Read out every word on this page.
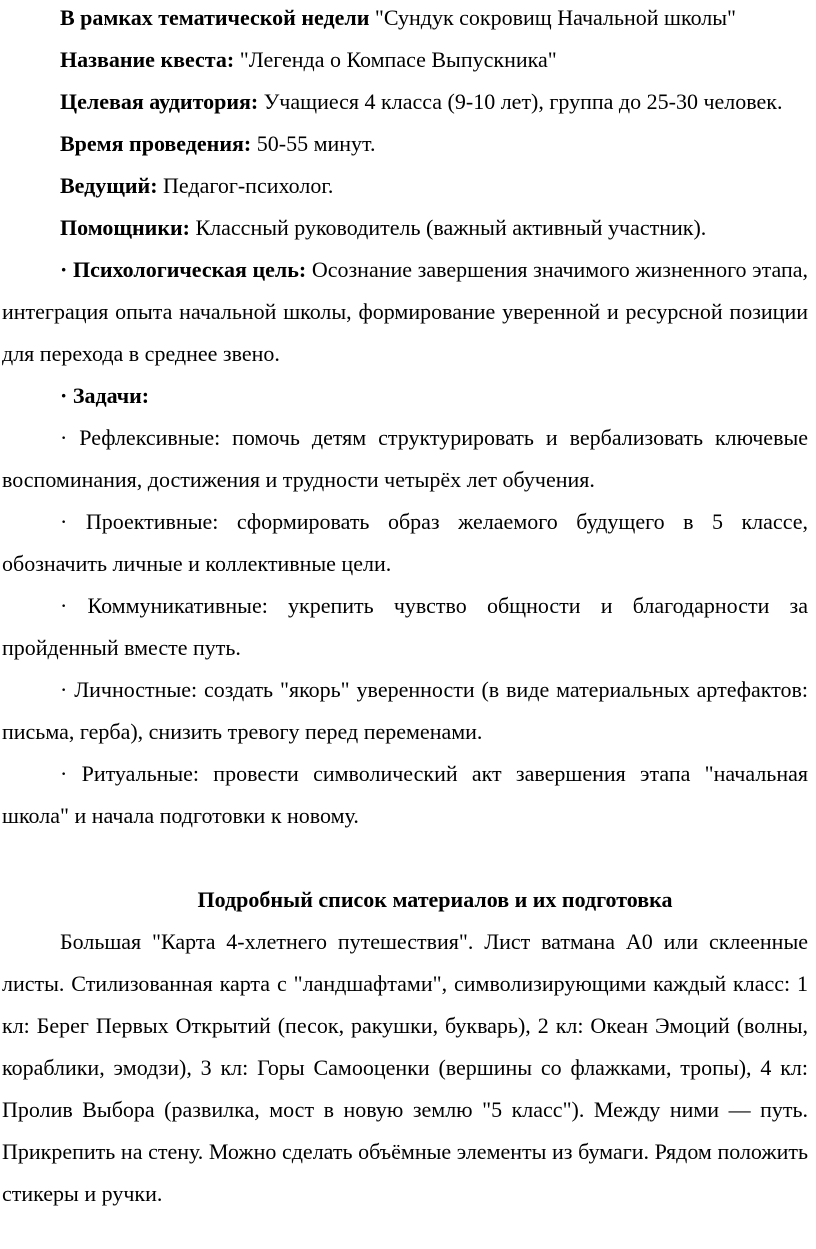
В рамках тематической недели "Сундук сокровищ Начальной школы"

Название квеста: "Легенда о Компасе Выпускника"

Целевая аудитория: Учащиеся 4 класса (9-10 лет), группа до 25-30 человек.

Время проведения: 50-55 минут.

Ведущий: Педагог-психолог.

Помощники: Классный руководитель (важный активный участник).

· Психологическая цель: Осознание завершения значимого жизненного этапа, интеграция опыта начальной школы, формирование уверенной и ресурсной позиции для перехода в среднее звено.

· Задачи:

· Рефлексивные: помочь детям структурировать и вербализовать ключевые воспоминания, достижения и трудности четырёх лет обучения.

· Проективные: сформировать образ желаемого будущего в 5 классе, обозначить личные и коллективные цели.

· Коммуникативные: укрепить чувство общности и благодарности за пройденный вместе путь.

· Личностные: создать "якорь" уверенности (в виде материальных артефактов: письма, герба), снизить тревогу перед переменами.

· Ритуальные: провести символический акт завершения этапа "начальная школа" и начала подготовки к новому.

Подробный список материалов и их подготовка

Большая "Карта 4-хлетнего путешествия". Лист ватмана А0 или склеенные листы. Стилизованная карта с "ландшафтами", символизирующими каждый класс: 1 кл: Берег Первых Открытий (песок, ракушки, букварь), 2 кл: Океан Эмоций (волны, кораблики, эмодзи), 3 кл: Горы Самооценки (вершины со флажками, тропы), 4 кл: Пролив Выбора (развилка, мост в новую землю "5 класс"). Между ними — путь. Прикрепить на стену. Можно сделать объёмные элементы из бумаги. Рядом положить стикеры и ручки.
